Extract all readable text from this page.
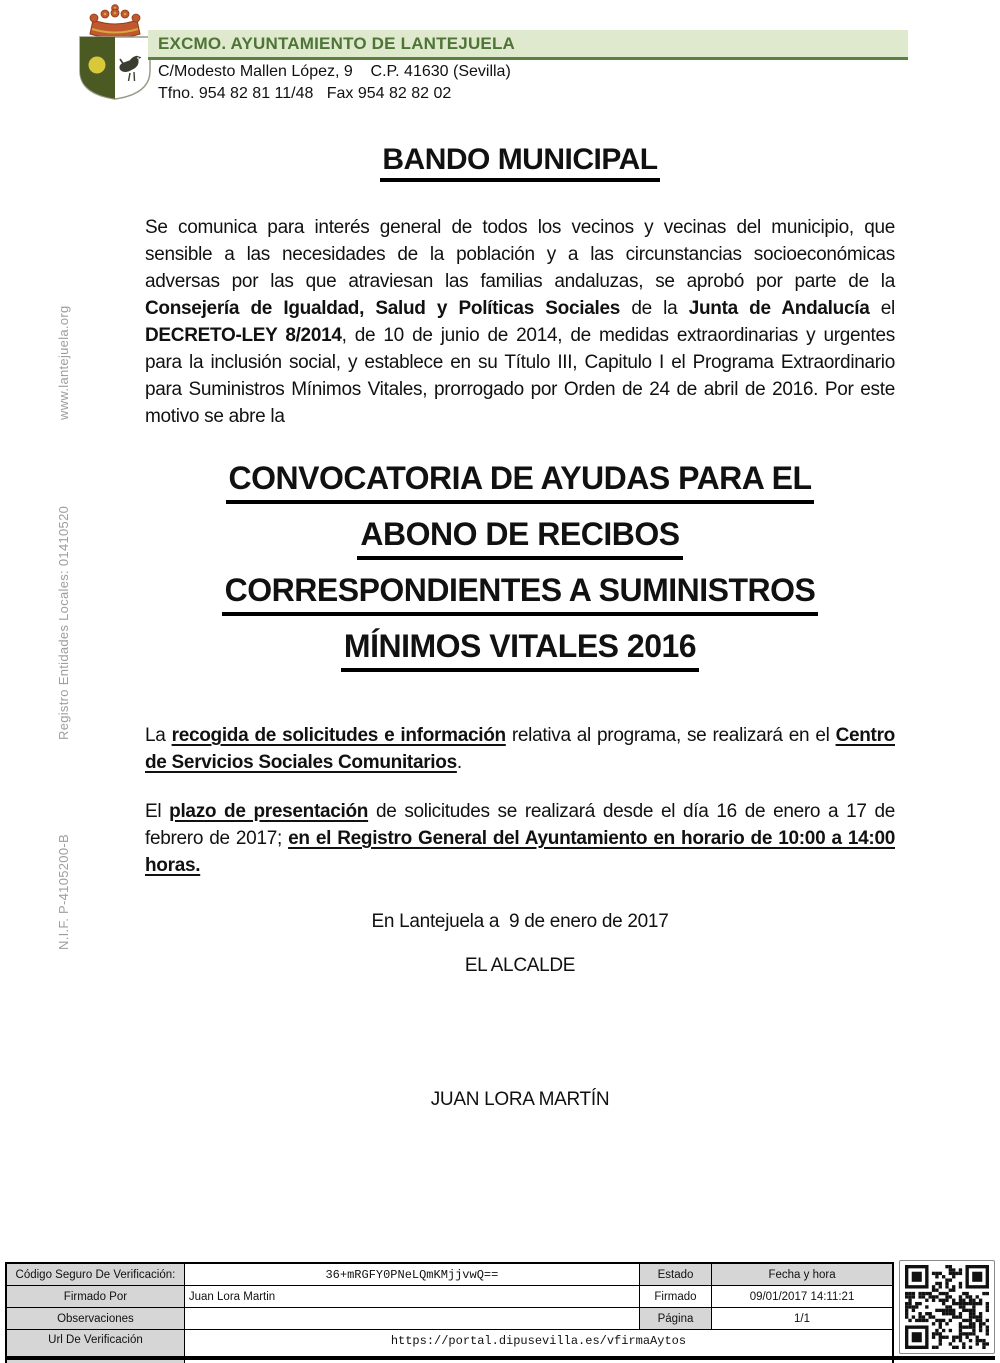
EXCMO. AYUNTAMIENTO DE LANTEJUELA
C/Modesto Mallen López, 9    C.P. 41630 (Sevilla)
Tfno. 954 82 81 11/48   Fax 954 82 82 02
www.lantejuela.org
Registro Entidades Locales: 01410520
N.I.F. P-4105200-B
BANDO MUNICIPAL

Se comunica para interés general de todos los vecinos y vecinas del municipio, que sensible a las necesidades de la población y a las circunstancias socioeconómicas adversas por las que atraviesan las familias andaluzas, se aprobó por parte de la Consejería de Igualdad, Salud y Políticas Sociales de la Junta de Andalucía el DECRETO-LEY 8/2014, de 10 de junio de 2014, de medidas extraordinarias y urgentes para la inclusión social, y establece en su Título III, Capitulo I el Programa Extraordinario para Suministros Mínimos Vitales, prorrogado por Orden de 24 de abril de 2016. Por este motivo se abre la

CONVOCATORIA DE AYUDAS PARA EL
ABONO DE RECIBOS
CORRESPONDIENTES A SUMINISTROS
MÍNIMOS VITALES 2016

La recogida de solicitudes e información relativa al programa, se realizará en el Centro de Servicios Sociales Comunitarios.

El plazo de presentación de solicitudes se realizará desde el día 16 de enero a 17 de febrero de 2017; en el Registro General del Ayuntamiento en horario de 10:00 a 14:00 horas.

En Lantejuela a  9 de enero de 2017

EL ALCALDE

JUAN LORA MARTÍN

Código Seguro De Verificación:	36+mRGFY0PNeLQmKMjjvwQ==	Estado	Fecha y hora
Firmado Por	Juan Lora Martin	Firmado	09/01/2017 14:11:21
Observaciones		Página	1/1
Url De Verificación	https://portal.dipusevilla.es/vfirmaAytos		
